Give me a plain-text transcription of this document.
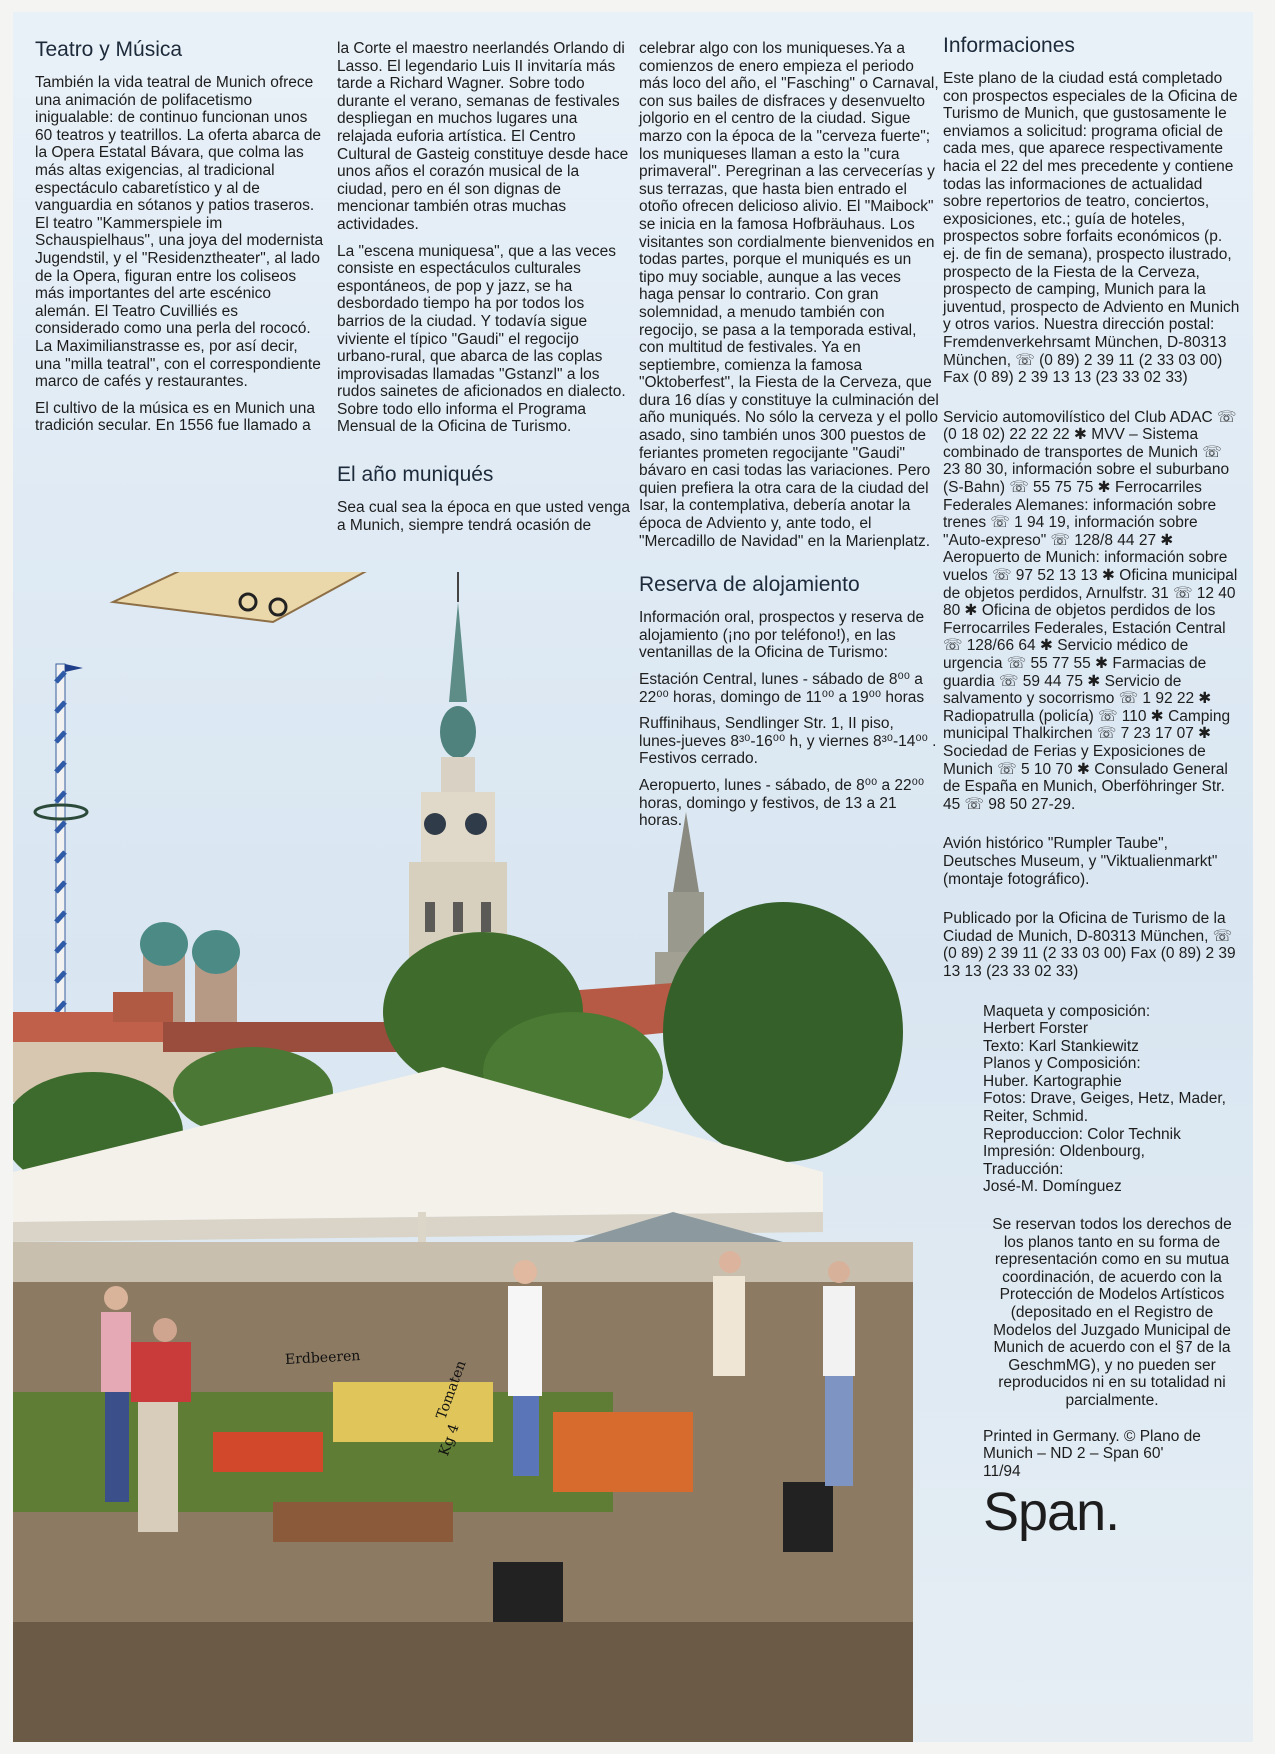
Erdbeeren
Tomaten
Kg 4
Teatro y Música

También la vida teatral de Munich ofrece una animación de polifacetismo inigualable: de continuo funcionan unos 60 teatros y teatrillos. La oferta abarca de la Opera Estatal Bávara, que colma las más altas exigencias, al tradicional espectáculo cabaretístico y al de vanguardia en sótanos y patios traseros. El teatro "Kammerspiele im Schauspielhaus", una joya del modernista Jugendstil, y el "Residenztheater", al lado de la Opera, figuran entre los coliseos más importantes del arte escénico alemán. El Teatro Cuvilliés es considerado como una perla del rococó. La Maximilianstrasse es, por así decir, una "milla teatral", con el correspondiente marco de cafés y restaurantes.

El cultivo de la música es en Munich una tradición secular. En 1556 fue llamado a

la Corte el maestro neerlandés Orlando di Lasso. El legendario Luis II invitaría más tarde a Richard Wagner. Sobre todo durante el verano, semanas de festivales despliegan en muchos lugares una relajada euforia artística. El Centro Cultural de Gasteig constituye desde hace unos años el corazón musical de la ciudad, pero en él son dignas de mencionar también otras muchas actividades.

La "escena muniquesa", que a las veces consiste en espectáculos culturales espontáneos, de pop y jazz, se ha desbordado tiempo ha por todos los barrios de la ciudad. Y todavía sigue viviente el típico "Gaudi" el regocijo urbano-rural, que abarca de las coplas improvisadas llamadas "Gstanzl" a los rudos sainetes de aficionados en dialecto. Sobre todo ello informa el Programa Mensual de la Oficina de Turismo.

El año muniqués

Sea cual sea la época en que usted venga a Munich, siempre tendrá ocasión de

celebrar algo con los muniqueses.Ya a comienzos de enero empieza el periodo más loco del año, el "Fasching" o Carnaval, con sus bailes de disfraces y desenvuelto jolgorio en el centro de la ciudad. Sigue marzo con la época de la "cerveza fuerte"; los muniqueses llaman a esto la "cura primaveral". Peregrinan a las cervecerías y sus terrazas, que hasta bien entrado el otoño ofrecen delicioso alivio. El "Maibock" se inicia en la famosa Hofbräuhaus. Los visitantes son cordialmente bienvenidos en todas partes, porque el muniqués es un tipo muy sociable, aunque a las veces haga pensar lo contrario. Con gran solemnidad, a menudo también con regocijo, se pasa a la temporada estival, con multitud de festivales. Ya en septiembre, comienza la famosa "Oktoberfest", la Fiesta de la Cerveza, que dura 16 días y constituye la culminación del año muniqués. No sólo la cerveza y el pollo asado, sino también unos 300 puestos de feriantes prometen regocijante "Gaudi" bávaro en casi todas las variaciones. Pero quien prefiera la otra cara de la ciudad del Isar, la contemplativa, debería anotar la época de Adviento y, ante todo, el "Mercadillo de Navidad" en la Marienplatz.

Reserva de alojamiento

Información oral, prospectos y reserva de alojamiento (¡no por teléfono!), en las ventanillas de la Oficina de Turismo:

Estación Central, lunes - sábado de 8⁰⁰ a 22⁰⁰ horas, domingo de 11⁰⁰ a 19⁰⁰ horas

Ruffinihaus, Sendlinger Str. 1, II piso, lunes-jueves 8³⁰-16⁰⁰ h, y viernes 8³⁰-14⁰⁰ . Festivos cerrado.

Aeropuerto, lunes - sábado, de 8⁰⁰ a 22⁰⁰ horas, domingo y festivos, de 13 a 21 horas.

Informaciones

Este plano de la ciudad está completado con prospectos especiales de la Oficina de Turismo de Munich, que gustosamente le enviamos a solicitud: programa oficial de cada mes, que aparece respectivamente hacia el 22 del mes precedente y contiene todas las informaciones de actualidad sobre repertorios de teatro, conciertos, exposiciones, etc.; guía de hoteles, prospectos sobre forfaits económicos (p. ej. de fin de semana), prospecto ilustrado, prospecto de la Fiesta de la Cerveza, prospecto de camping, Munich para la juventud, prospecto de Adviento en Munich y otros varios. Nuestra dirección postal: Fremdenverkehrsamt München, D-80313 München, ☏ (0 89) 2 39 11 (2 33 03 00) Fax (0 89) 2 39 13 13 (23 33 02 33)

Servicio automovilístico del Club ADAC ☏ (0 18 02) 22 22 22 ✱ MVV – Sistema combinado de transportes de Munich ☏ 23 80 30, información sobre el suburbano (S-Bahn) ☏ 55 75 75 ✱ Ferrocarriles Federales Alemanes: información sobre trenes ☏ 1 94 19, información sobre "Auto-expreso" ☏ 128/8 44 27 ✱ Aeropuerto de Munich: información sobre vuelos ☏ 97 52 13 13 ✱ Oficina municipal de objetos perdidos, Arnulfstr. 31 ☏ 12 40 80 ✱ Oficina de objetos perdidos de los Ferrocarriles Federales, Estación Central ☏ 128/66 64 ✱ Servicio médico de urgencia ☏ 55 77 55 ✱ Farmacias de guardia ☏ 59 44 75 ✱ Servicio de salvamento y socorrismo ☏ 1 92 22 ✱ Radiopatrulla (policía) ☏ 110 ✱ Camping municipal Thalkirchen ☏ 7 23 17 07 ✱ Sociedad de Ferias y Exposiciones de Munich ☏ 5 10 70 ✱ Consulado General de España en Munich, Oberföhringer Str. 45 ☏ 98 50 27-29.

Avión histórico "Rumpler Taube", Deutsches Museum, y "Viktualienmarkt" (montaje fotográfico).

Publicado por la Oficina de Turismo de la Ciudad de Munich, D-80313 München, ☏ (0 89) 2 39 11 (2 33 03 00) Fax (0 89) 2 39 13 13 (23 33 02 33)

Maqueta y composición:

Herbert Forster

Texto: Karl Stankiewitz

Planos y Composición:

Huber. Kartographie

Fotos: Drave, Geiges, Hetz, Mader, Reiter, Schmid.

Reproduccion: Color Technik

Impresión: Oldenbourg,

Traducción:

José-M. Domínguez

Se reservan todos los derechos de los planos tanto en su forma de representación como en su mutua coordinación, de acuerdo con la Protección de Modelos Artísticos (depositado en el Registro de Modelos del Juzgado Municipal de Munich de acuerdo con el §7 de la GeschmMG), y no pueden ser reproducidos ni en su totalidad ni parcialmente.

Printed in Germany. © Plano de Munich – ND 2 – Span 60'

11/94

Span.
